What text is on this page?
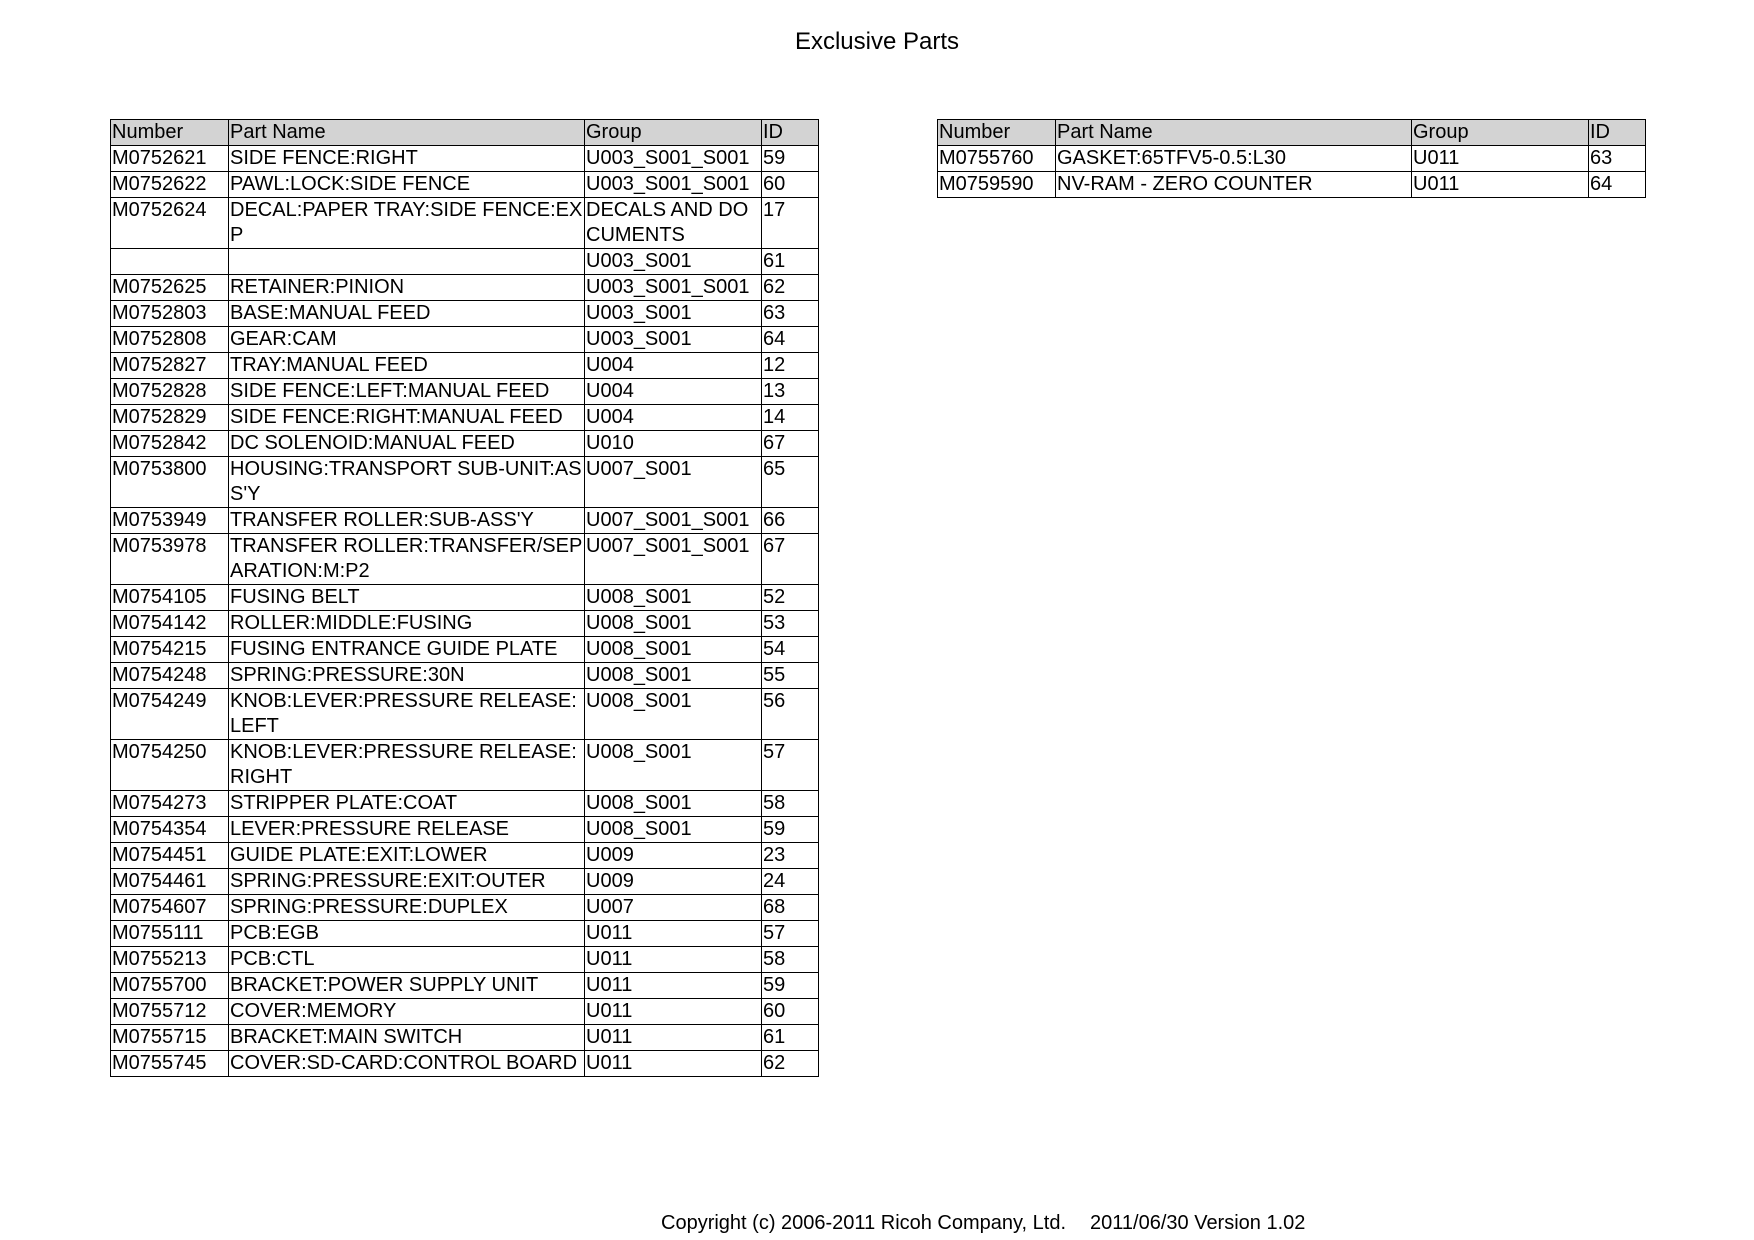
Exclusive Parts
Number	Part Name	Group	ID
M0752621	SIDE FENCE:RIGHT	U003_S001_S001	59
M0752622	PAWL:LOCK:SIDE FENCE	U003_S001_S001	60
M0752624	DECAL:PAPER TRAY:SIDE FENCE:EXP	DECALS AND DOCUMENTS	17
		U003_S001	61
M0752625	RETAINER:PINION	U003_S001_S001	62
M0752803	BASE:MANUAL FEED	U003_S001	63
M0752808	GEAR:CAM	U003_S001	64
M0752827	TRAY:MANUAL FEED	U004	12
M0752828	SIDE FENCE:LEFT:MANUAL FEED	U004	13
M0752829	SIDE FENCE:RIGHT:MANUAL FEED	U004	14
M0752842	DC SOLENOID:MANUAL FEED	U010	67
M0753800	HOUSING:TRANSPORT SUB-UNIT:ASS'Y	U007_S001	65
M0753949	TRANSFER ROLLER:SUB-ASS'Y	U007_S001_S001	66
M0753978	TRANSFER ROLLER:TRANSFER/SEPARATION:M:P2	U007_S001_S001	67
M0754105	FUSING BELT	U008_S001	52
M0754142	ROLLER:MIDDLE:FUSING	U008_S001	53
M0754215	FUSING ENTRANCE GUIDE PLATE	U008_S001	54
M0754248	SPRING:PRESSURE:30N	U008_S001	55
M0754249	KNOB:LEVER:PRESSURE RELEASE:LEFT	U008_S001	56
M0754250	KNOB:LEVER:PRESSURE RELEASE:RIGHT	U008_S001	57
M0754273	STRIPPER PLATE:COAT	U008_S001	58
M0754354	LEVER:PRESSURE RELEASE	U008_S001	59
M0754451	GUIDE PLATE:EXIT:LOWER	U009	23
M0754461	SPRING:PRESSURE:EXIT:OUTER	U009	24
M0754607	SPRING:PRESSURE:DUPLEX	U007	68
M0755111	PCB:EGB	U011	57
M0755213	PCB:CTL	U011	58
M0755700	BRACKET:POWER SUPPLY UNIT	U011	59
M0755712	COVER:MEMORY	U011	60
M0755715	BRACKET:MAIN SWITCH	U011	61
M0755745	COVER:SD-CARD:CONTROL BOARD	U011	62
Number	Part Name	Group	ID
M0755760	GASKET:65TFV5-0.5:L30	U011	63
M0759590	NV-RAM - ZERO COUNTER	U011	64
Copyright (c) 2006-2011 Ricoh Company, Ltd. 2011/06/30 Version 1.02
